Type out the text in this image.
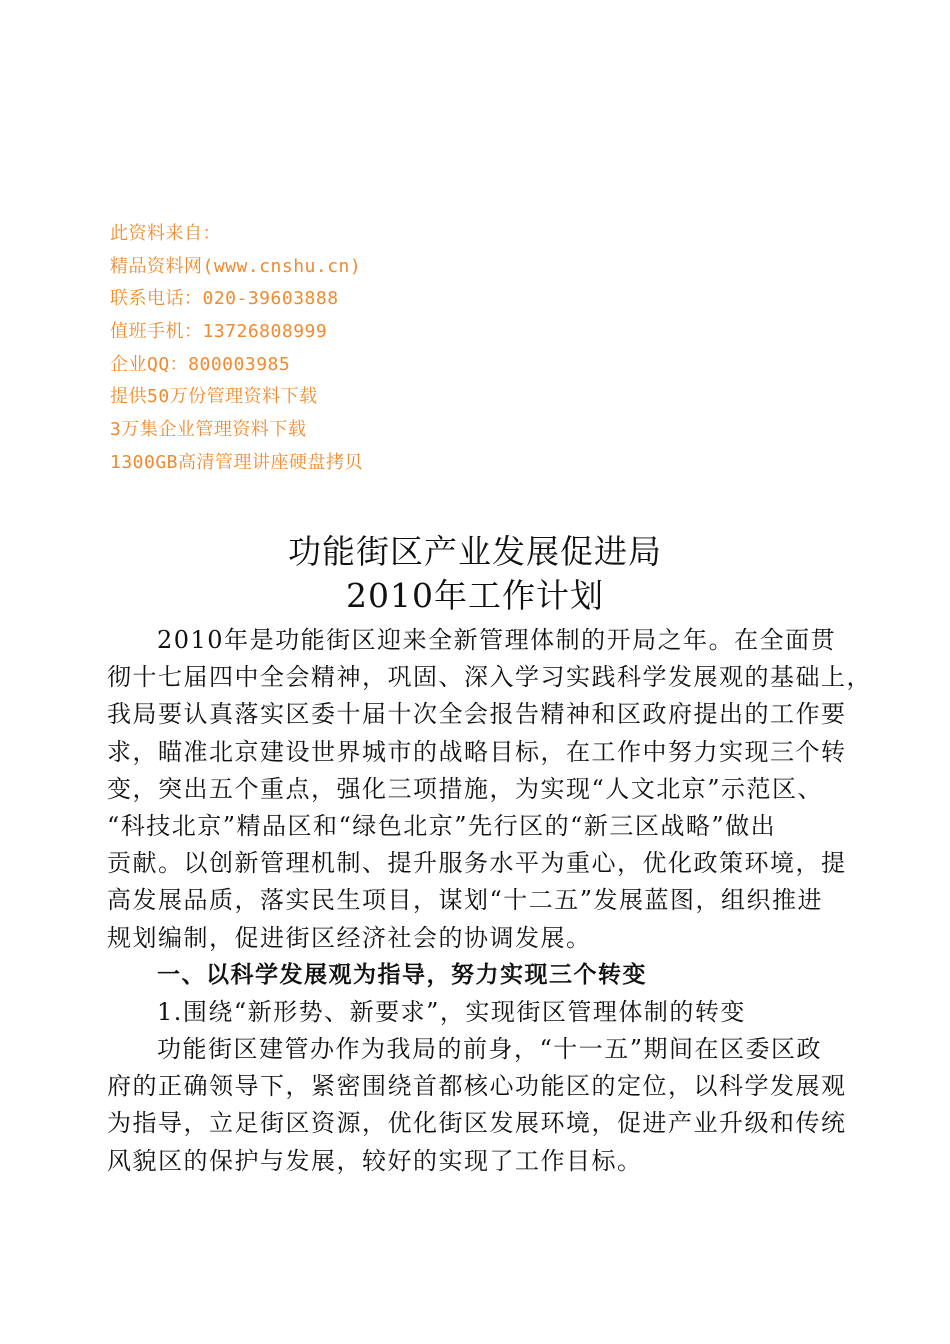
此资料来自：
精品资料网(www.cnshu.cn)
联系电话：020-39603888
值班手机：13726808999
企业QQ：800003985
提供50万份管理资料下载
3万集企业管理资料下载
1300GB高清管理讲座硬盘拷贝
功能街区产业发展促进局
2010年工作计划
2010年是功能街区迎来全新管理体制的开局之年。在全面贯
彻十七届四中全会精神，巩固、深入学习实践科学发展观的基础上，
我局要认真落实区委十届十次全会报告精神和区政府提出的工作要
求，瞄准北京建设世界城市的战略目标，在工作中努力实现三个转
变，突出五个重点，强化三项措施，为实现“人文北京”示范区、
“科技北京”精品区和“绿色北京”先行区的“新三区战略”做出
贡献。以创新管理机制、提升服务水平为重心，优化政策环境，提
高发展品质，落实民生项目，谋划“十二五”发展蓝图，组织推进
规划编制，促进街区经济社会的协调发展。
一、以科学发展观为指导，努力实现三个转变
1.围绕“新形势、新要求”，实现街区管理体制的转变
功能街区建管办作为我局的前身，“十一五”期间在区委区政
府的正确领导下，紧密围绕首都核心功能区的定位，以科学发展观
为指导，立足街区资源，优化街区发展环境，促进产业升级和传统
风貌区的保护与发展，较好的实现了工作目标。
